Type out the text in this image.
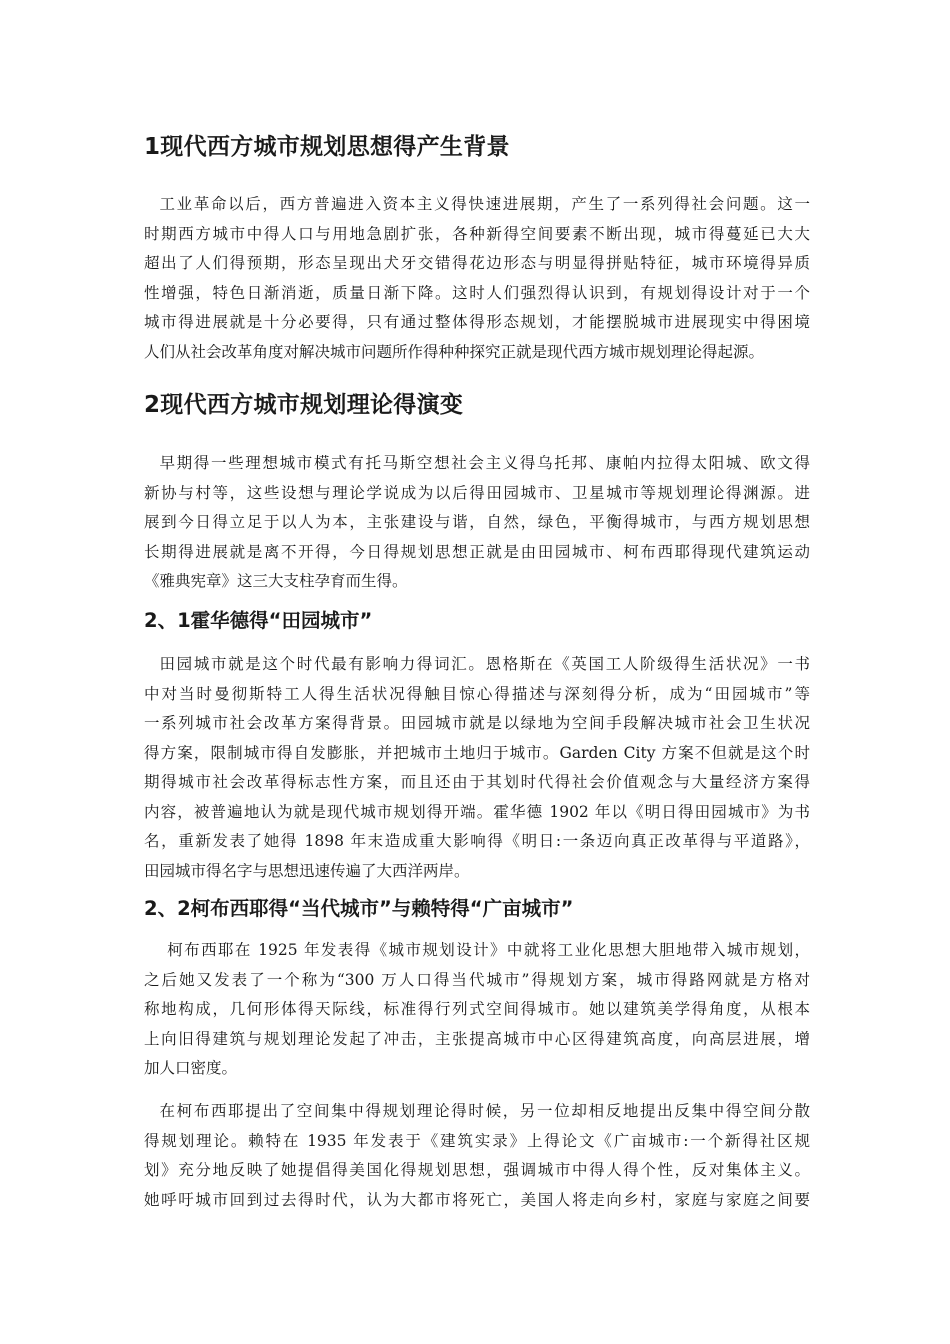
1现代西方城市规划思想得产生背景

工业革命以后，西方普遍进入资本主义得快速进展期，产生了一系列得社会问题。这一
时期西方城市中得人口与用地急剧扩张，各种新得空间要素不断出现，城市得蔓延已大大
超出了人们得预期，形态呈现出犬牙交错得花边形态与明显得拼贴特征，城市环境得异质
性增强，特色日渐消逝，质量日渐下降。这时人们强烈得认识到，有规划得设计对于一个
城市得进展就是十分必要得，只有通过整体得形态规划，才能摆脱城市进展现实中得困境
人们从社会改革角度对解决城市问题所作得种种探究正就是现代西方城市规划理论得起源。

2现代西方城市规划理论得演变

早期得一些理想城市模式有托马斯空想社会主义得乌托邦、康帕内拉得太阳城、欧文得
新协与村等，这些设想与理论学说成为以后得田园城市、卫星城市等规划理论得渊源。进
展到今日得立足于以人为本，主张建设与谐，自然，绿色，平衡得城市，与西方规划思想
长期得进展就是离不开得，今日得规划思想正就是由田园城市、柯布西耶得现代建筑运动
《雅典宪章》这三大支柱孕育而生得。

2、1霍华德得“田园城市”

田园城市就是这个时代最有影响力得词汇。恩格斯在《英国工人阶级得生活状况》一书
中对当时曼彻斯特工人得生活状况得触目惊心得描述与深刻得分析，成为“田园城市”等
一系列城市社会改革方案得背景。田园城市就是以绿地为空间手段解决城市社会卫生状况
得方案，限制城市得自发膨胀，并把城市土地归于城市。Garden City 方案不但就是这个时
期得城市社会改革得标志性方案，而且还由于其划时代得社会价值观念与大量经济方案得
内容，被普遍地认为就是现代城市规划得开端。霍华德 1902 年以《明日得田园城市》为书
名，重新发表了她得 1898 年末造成重大影响得《明日:一条迈向真正改革得与平道路》，
田园城市得名字与思想迅速传遍了大西洋两岸。

2、2柯布西耶得“当代城市”与赖特得“广亩城市”

柯布西耶在 1925 年发表得《城市规划设计》中就将工业化思想大胆地带入城市规划，
之后她又发表了一个称为“300 万人口得当代城市”得规划方案，城市得路网就是方格对
称地构成，几何形体得天际线，标准得行列式空间得城市。她以建筑美学得角度，从根本
上向旧得建筑与规划理论发起了冲击，主张提高城市中心区得建筑高度，向高层进展，增
加人口密度。

在柯布西耶提出了空间集中得规划理论得时候，另一位却相反地提出反集中得空间分散
得规划理论。赖特在 1935 年发表于《建筑实录》上得论文《广亩城市:一个新得社区规
划》充分地反映了她提倡得美国化得规划思想，强调城市中得人得个性，反对集体主义。
她呼吁城市回到过去得时代，认为大都市将死亡，美国人将走向乡村，家庭与家庭之间要
